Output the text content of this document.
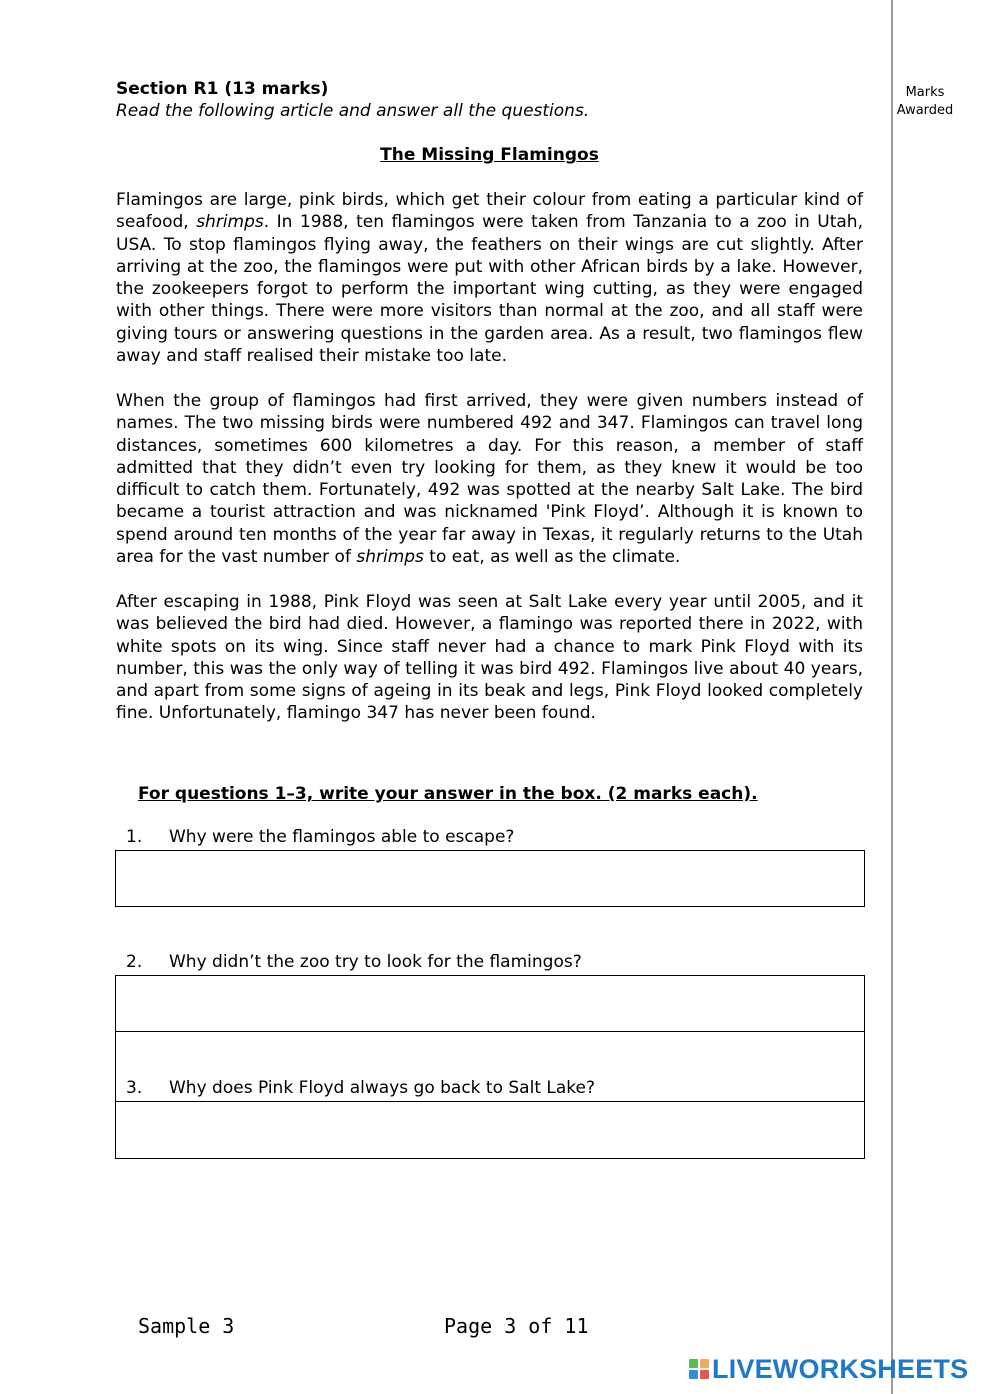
Marks
Awarded
Section R1 (13 marks)
Read the following article and answer all the questions.
The Missing Flamingos

Flamingos are large, pink birds, which get their colour from eating a particular kind of seafood, shrimps. In 1988, ten flamingos were taken from Tanzania to a zoo in Utah, USA. To stop flamingos flying away, the feathers on their wings are cut slightly. After arriving at the zoo, the flamingos were put with other African birds by a lake. However, the zookeepers forgot to perform the important wing cutting, as they were engaged with other things. There were more visitors than normal at the zoo, and all staff were giving tours or answering questions in the garden area. As a result, two flamingos flew away and staff realised their mistake too late.

When the group of flamingos had first arrived, they were given numbers instead of names. The two missing birds were numbered 492 and 347. Flamingos can travel long distances, sometimes 600 kilometres a day. For this reason, a member of staff admitted that they didn’t even try looking for them, as they knew it would be too difficult to catch them. Fortunately, 492 was spotted at the nearby Salt Lake. The bird became a tourist attraction and was nicknamed 'Pink Floyd’. Although it is known to spend around ten months of the year far away in Texas, it regularly returns to the Utah area for the vast number of shrimps to eat, as well as the climate.

After escaping in 1988, Pink Floyd was seen at Salt Lake every year until 2005, and it was believed the bird had died. However, a flamingo was reported there in 2022, with white spots on its wing. Since staff never had a chance to mark Pink Floyd with its number, this was the only way of telling it was bird 492. Flamingos live about 40 years, and apart from some signs of ageing in its beak and legs, Pink Floyd looked completely fine. Unfortunately, flamingo 347 has never been found.

For questions 1–3, write your answer in the box. (2 marks each).
1. Why were the flamingos able to escape?
2. Why didn’t the zoo try to look for the flamingos?
3. Why does Pink Floyd always go back to Salt Lake?
Sample 3	Page 3 of 11
LIVEWORKSHEETS
